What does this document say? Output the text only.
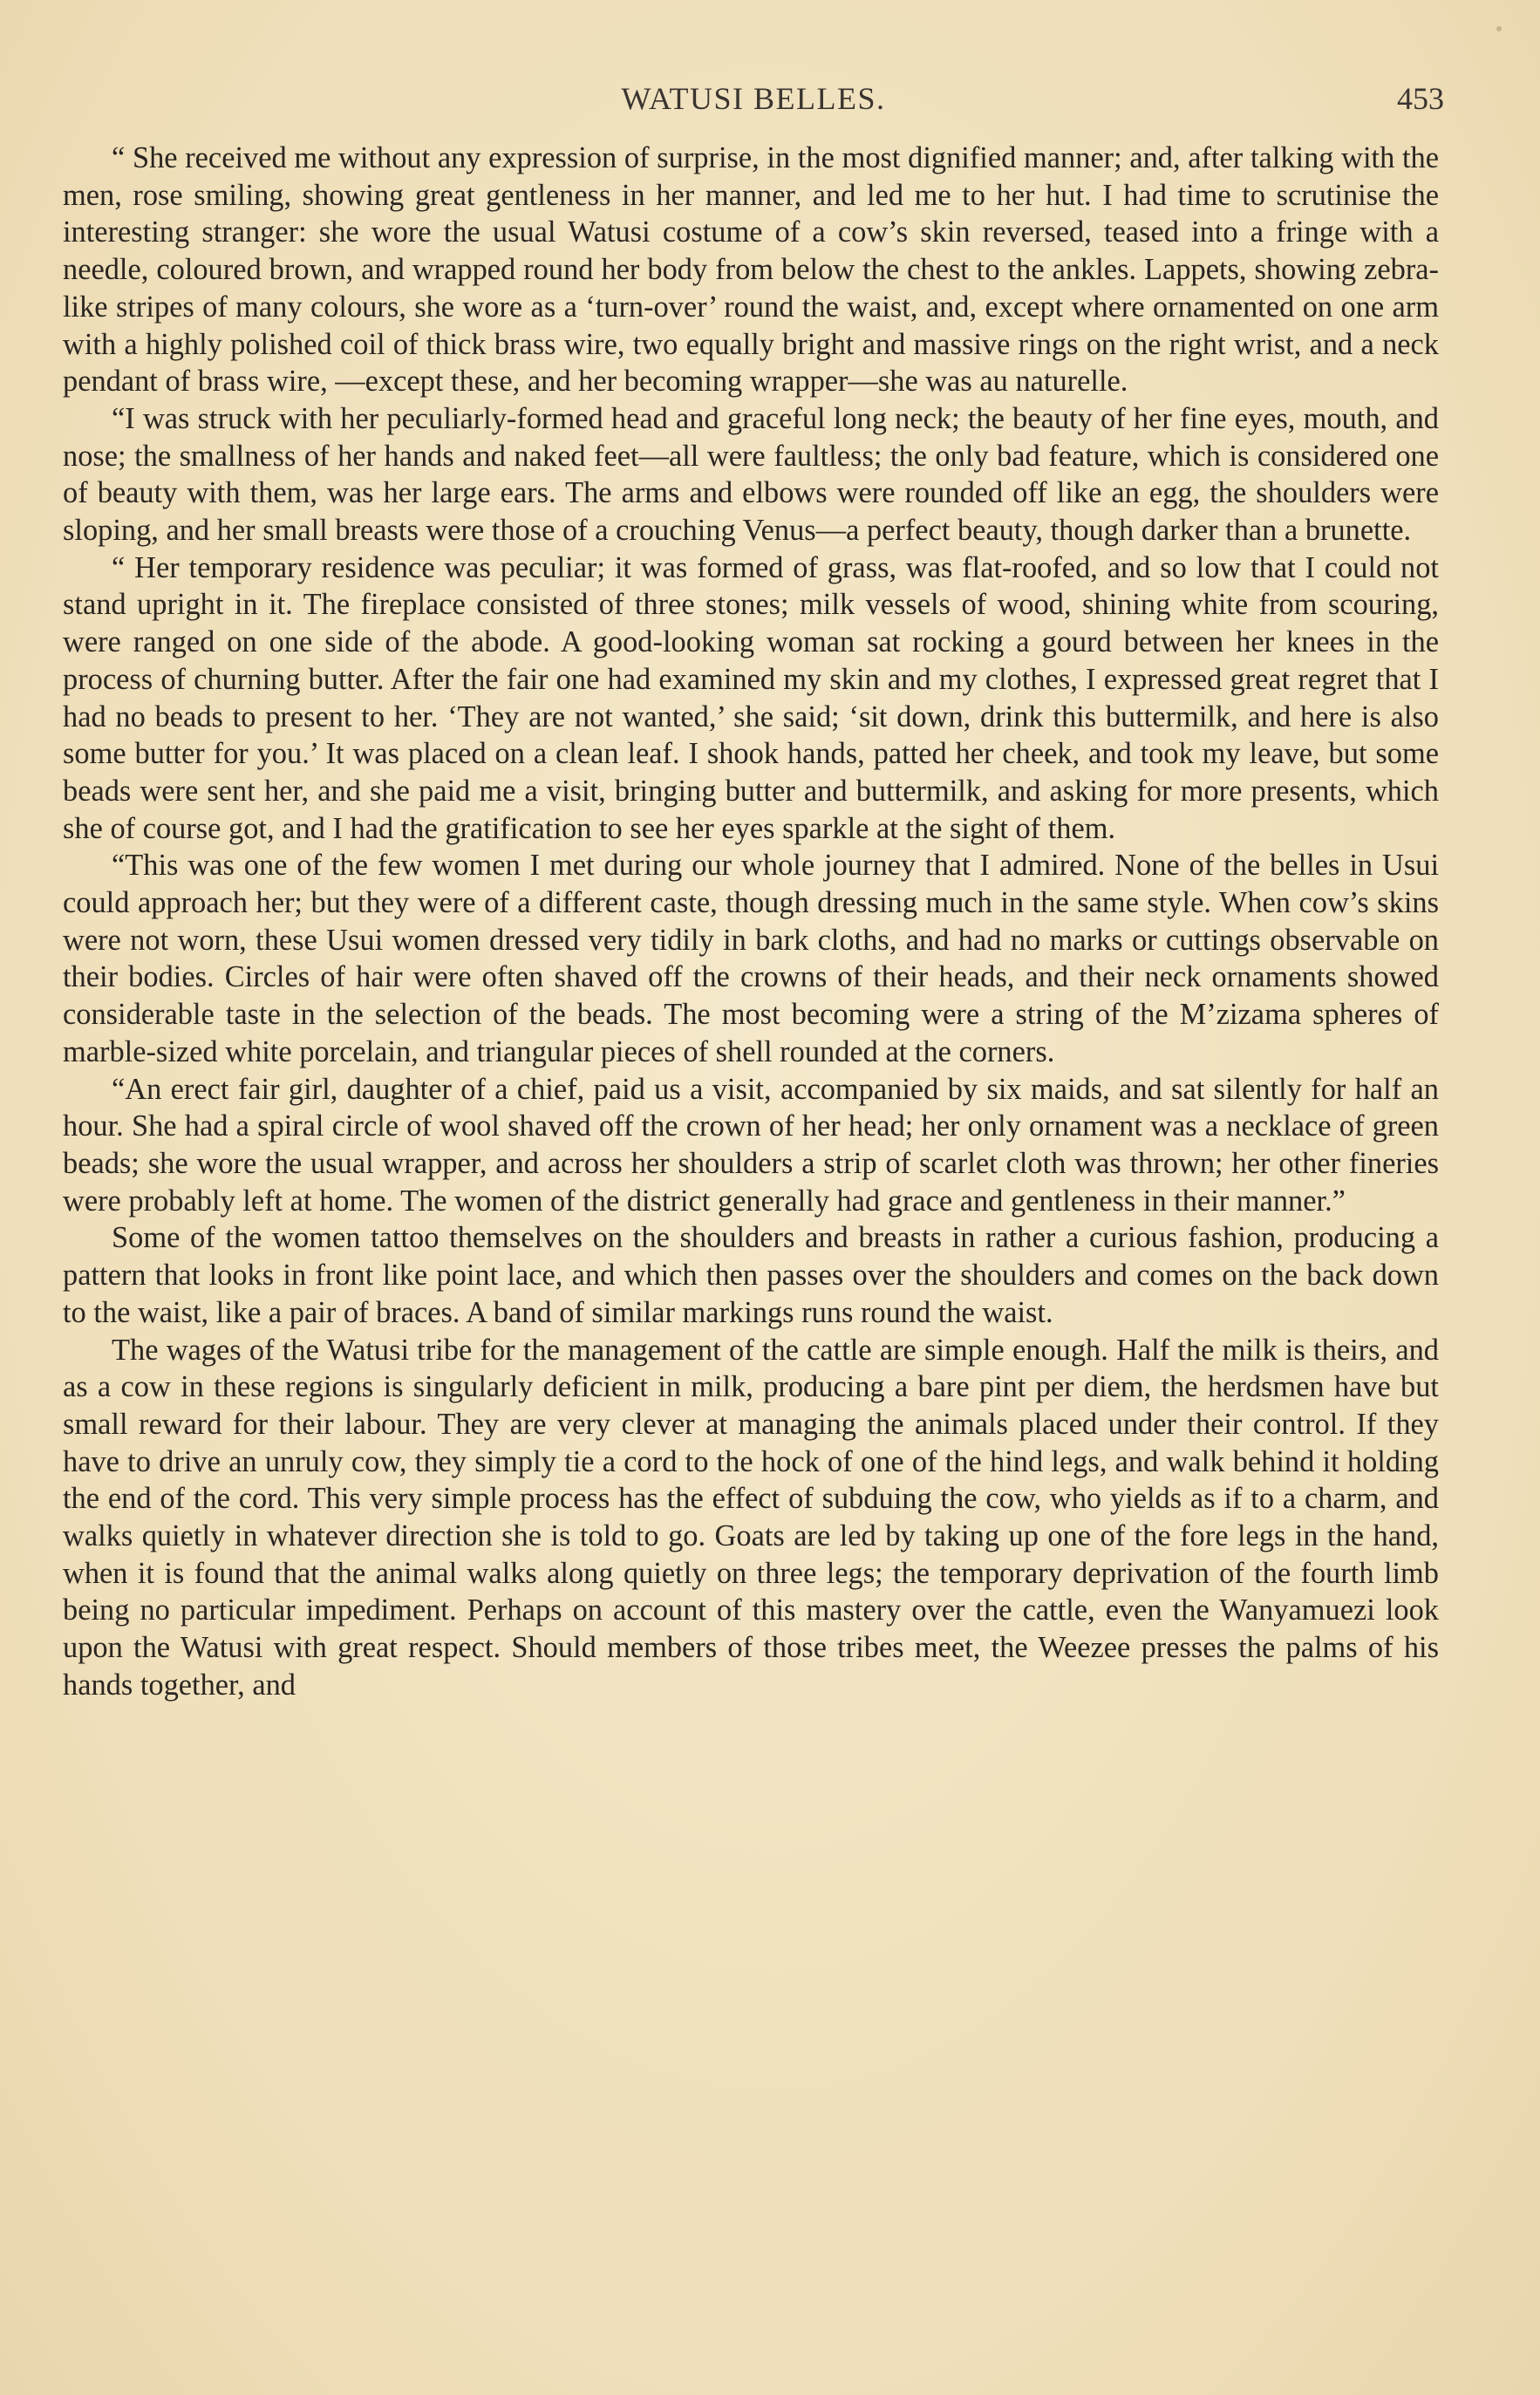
WATUSI BELLES.	453

“ She received me without any expression of surprise, in the most dignified manner; and, after talking with the men, rose smiling, showing great gentleness in her manner, and led me to her hut. I had time to scrutinise the interesting stranger: she wore the usual Watusi costume of a cow’s skin reversed, teased into a fringe with a needle, coloured brown, and wrapped round her body from below the chest to the ankles. Lappets, showing zebra-like stripes of many colours, she wore as a ‘turn-over’ round the waist, and, except where ornamented on one arm with a highly polished coil of thick brass wire, two equally bright and massive rings on the right wrist, and a neck pendant of brass wire, —except these, and her becoming wrapper—she was au naturelle.

“I was struck with her peculiarly-formed head and graceful long neck; the beauty of her fine eyes, mouth, and nose; the smallness of her hands and naked feet—all were faultless; the only bad feature, which is considered one of beauty with them, was her large ears. The arms and elbows were rounded off like an egg, the shoulders were sloping, and her small breasts were those of a crouching Venus—a perfect beauty, though darker than a brunette.

“ Her temporary residence was peculiar; it was formed of grass, was flat-roofed, and so low that I could not stand upright in it. The fireplace consisted of three stones; milk vessels of wood, shining white from scouring, were ranged on one side of the abode. A good-looking woman sat rocking a gourd between her knees in the process of churning butter. After the fair one had examined my skin and my clothes, I expressed great regret that I had no beads to present to her. ‘They are not wanted,’ she said; ‘sit down, drink this buttermilk, and here is also some butter for you.’ It was placed on a clean leaf. I shook hands, patted her cheek, and took my leave, but some beads were sent her, and she paid me a visit, bringing butter and buttermilk, and asking for more presents, which she of course got, and I had the gratification to see her eyes sparkle at the sight of them.

“This was one of the few women I met during our whole journey that I admired. None of the belles in Usui could approach her; but they were of a different caste, though dressing much in the same style. When cow’s skins were not worn, these Usui women dressed very tidily in bark cloths, and had no marks or cuttings observable on their bodies. Circles of hair were often shaved off the crowns of their heads, and their neck ornaments showed considerable taste in the selection of the beads. The most becoming were a string of the M’zizama spheres of marble-sized white porcelain, and triangular pieces of shell rounded at the corners.

“An erect fair girl, daughter of a chief, paid us a visit, accompanied by six maids, and sat silently for half an hour. She had a spiral circle of wool shaved off the crown of her head; her only ornament was a necklace of green beads; she wore the usual wrapper, and across her shoulders a strip of scarlet cloth was thrown; her other fineries were probably left at home. The women of the district generally had grace and gentleness in their manner.”

Some of the women tattoo themselves on the shoulders and breasts in rather a curious fashion, producing a pattern that looks in front like point lace, and which then passes over the shoulders and comes on the back down to the waist, like a pair of braces. A band of similar markings runs round the waist.

The wages of the Watusi tribe for the management of the cattle are simple enough. Half the milk is theirs, and as a cow in these regions is singularly deficient in milk, producing a bare pint per diem, the herdsmen have but small reward for their labour. They are very clever at managing the animals placed under their control. If they have to drive an unruly cow, they simply tie a cord to the hock of one of the hind legs, and walk behind it holding the end of the cord. This very simple process has the effect of subduing the cow, who yields as if to a charm, and walks quietly in whatever direction she is told to go. Goats are led by taking up one of the fore legs in the hand, when it is found that the animal walks along quietly on three legs; the temporary deprivation of the fourth limb being no particular impediment. Perhaps on account of this mastery over the cattle, even the Wanyamuezi look upon the Watusi with great respect. Should members of those tribes meet, the Weezee presses the palms of his hands together, and
